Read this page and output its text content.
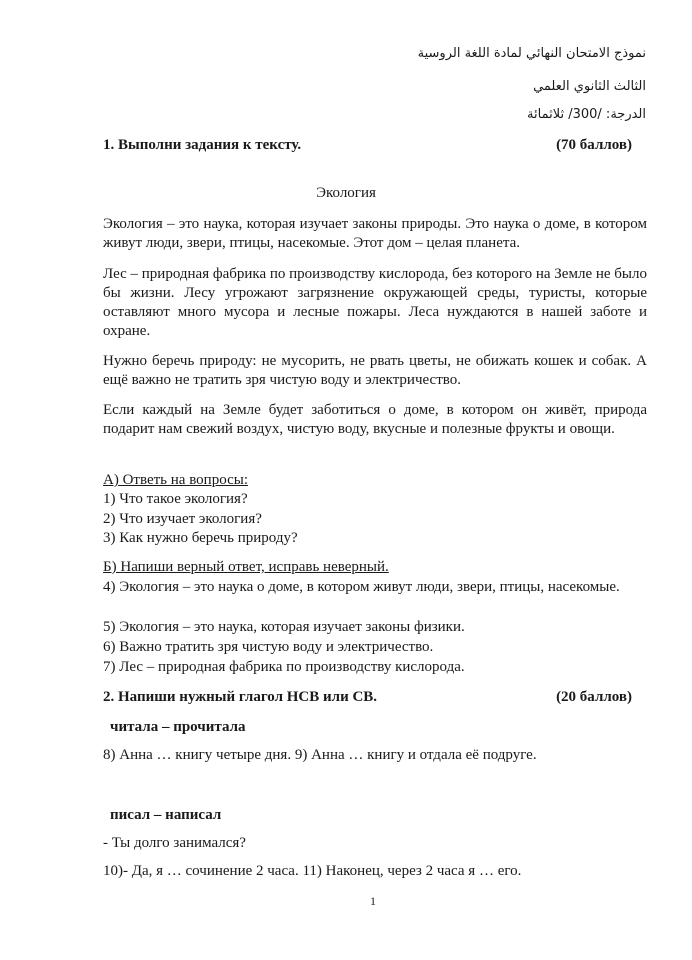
نموذج الامتحان النهائي لمادة اللغة الروسية
الثالث الثانوي العلمي
الدرجة: /300/ ثلاثمائة
1. Выполни задания к тексту.	(70 баллов)
Экология
Экология – это наука, которая изучает законы природы. Это наука о доме, в котором живут люди, звери, птицы, насекомые. Этот дом – целая планета.
Лес – природная фабрика по производству кислорода, без которого на Земле не было бы жизни. Лесу угрожают загрязнение окружающей среды, туристы, которые оставляют много мусора и лесные пожары. Леса нуждаются в нашей заботе и охране.
Нужно беречь природу: не мусорить, не рвать цветы, не обижать кошек и собак. А ещё важно не тратить зря чистую воду и электричество.
Если каждый на Земле будет заботиться о доме, в котором он живёт, природа подарит нам свежий воздух, чистую воду, вкусные и полезные фрукты и овощи.
А) Ответь на вопросы:
1) Что такое экология?
2) Что изучает экология?
3) Как нужно беречь природу?
Б) Напиши верный ответ, исправь неверный.
4) Экология – это наука о доме, в котором живут люди, звери, птицы, насекомые.
5) Экология – это наука, которая изучает законы физики.
6) Важно тратить зря чистую воду и электричество.
7) Лес – природная фабрика по производству кислорода.
2. Напиши нужный глагол НСВ или СВ.	(20 баллов)
читала – прочитала
8) Анна … книгу четыре дня. 9) Анна … книгу и отдала её подруге.
писал – написал
- Ты долго занимался?
10)- Да, я … сочинение 2 часа. 11) Наконец, через 2 часа я … его.
1
